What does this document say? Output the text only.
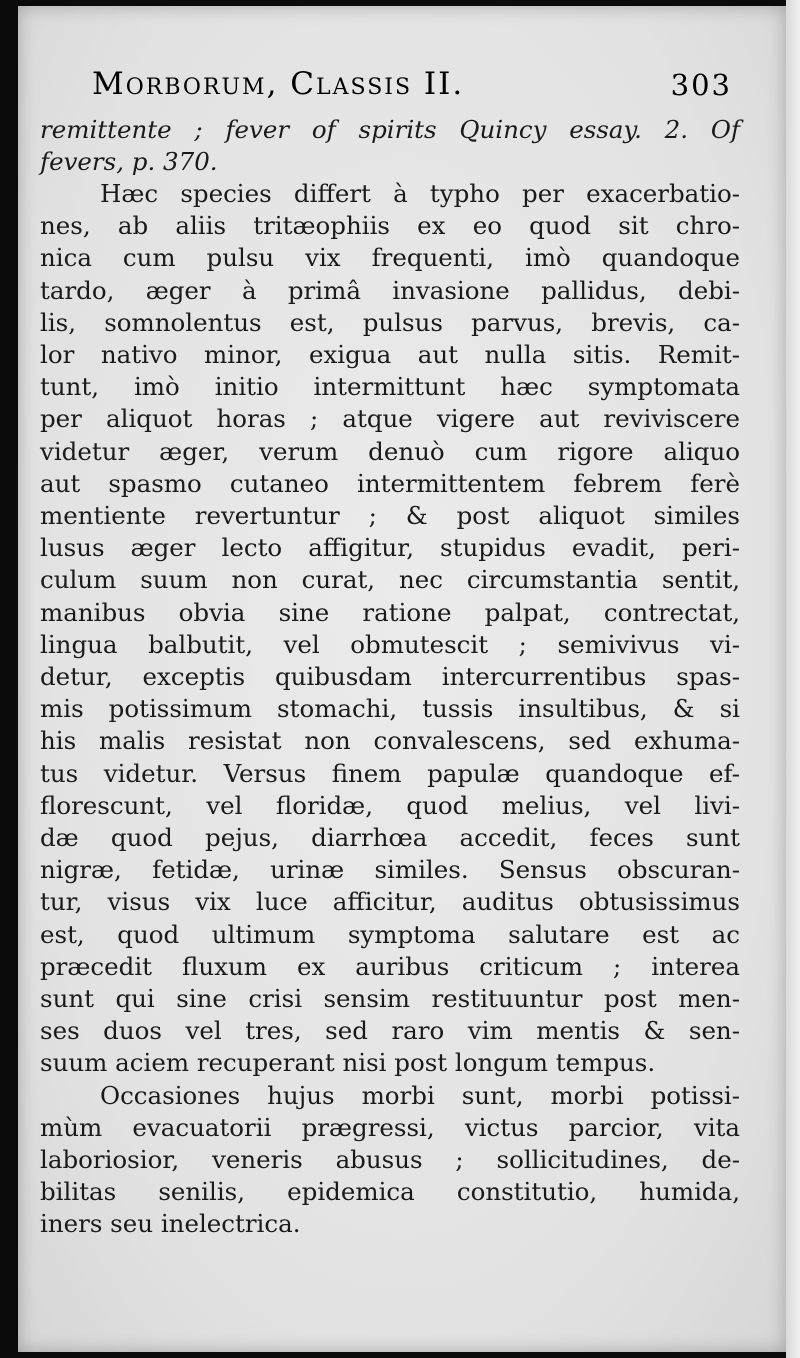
Morborum, Classis II.	303
remittente ; fever of spirits Quincy essay. 2. Of
fevers, p. 370.
Hæc species differt à typho per exacerbatio-
nes, ab aliis tritæophiis ex eo quod sit chro-
nica cum pulsu vix frequenti, imò quandoque
tardo, æger à primâ invasione pallidus, debi-
lis, somnolentus est, pulsus parvus, brevis, ca-
lor nativo minor, exigua aut nulla sitis. Remit-
tunt, imò initio intermittunt hæc symptomata
per aliquot horas ; atque vigere aut reviviscere
videtur æger, verum denuò cum rigore aliquo
aut spasmo cutaneo intermittentem febrem ferè
mentiente revertuntur ; & post aliquot similes
lusus æger lecto affigitur, stupidus evadit, peri-
culum suum non curat, nec circumstantia sentit,
manibus obvia sine ratione palpat, contrectat,
lingua balbutit, vel obmutescit ; semivivus vi-
detur, exceptis quibusdam intercurrentibus spas-
mis potissimum stomachi, tussis insultibus, & si
his malis resistat non convalescens, sed exhuma-
tus videtur. Versus finem papulæ quandoque ef-
florescunt, vel floridæ, quod melius, vel livi-
dæ quod pejus, diarrhœa accedit, feces sunt
nigræ, fetidæ, urinæ similes. Sensus obscuran-
tur, visus vix luce afficitur, auditus obtusissimus
est, quod ultimum symptoma salutare est ac
præcedit fluxum ex auribus criticum ; interea
sunt qui sine crisi sensim restituuntur post men-
ses duos vel tres, sed raro vim mentis & sen-
suum aciem recuperant nisi post longum tempus.
Occasiones hujus morbi sunt, morbi potissi-
mùm evacuatorii prægressi, victus parcior, vita
laboriosior, veneris abusus ; sollicitudines, de-
bilitas senilis, epidemica constitutio, humida,
iners seu inelectrica.
